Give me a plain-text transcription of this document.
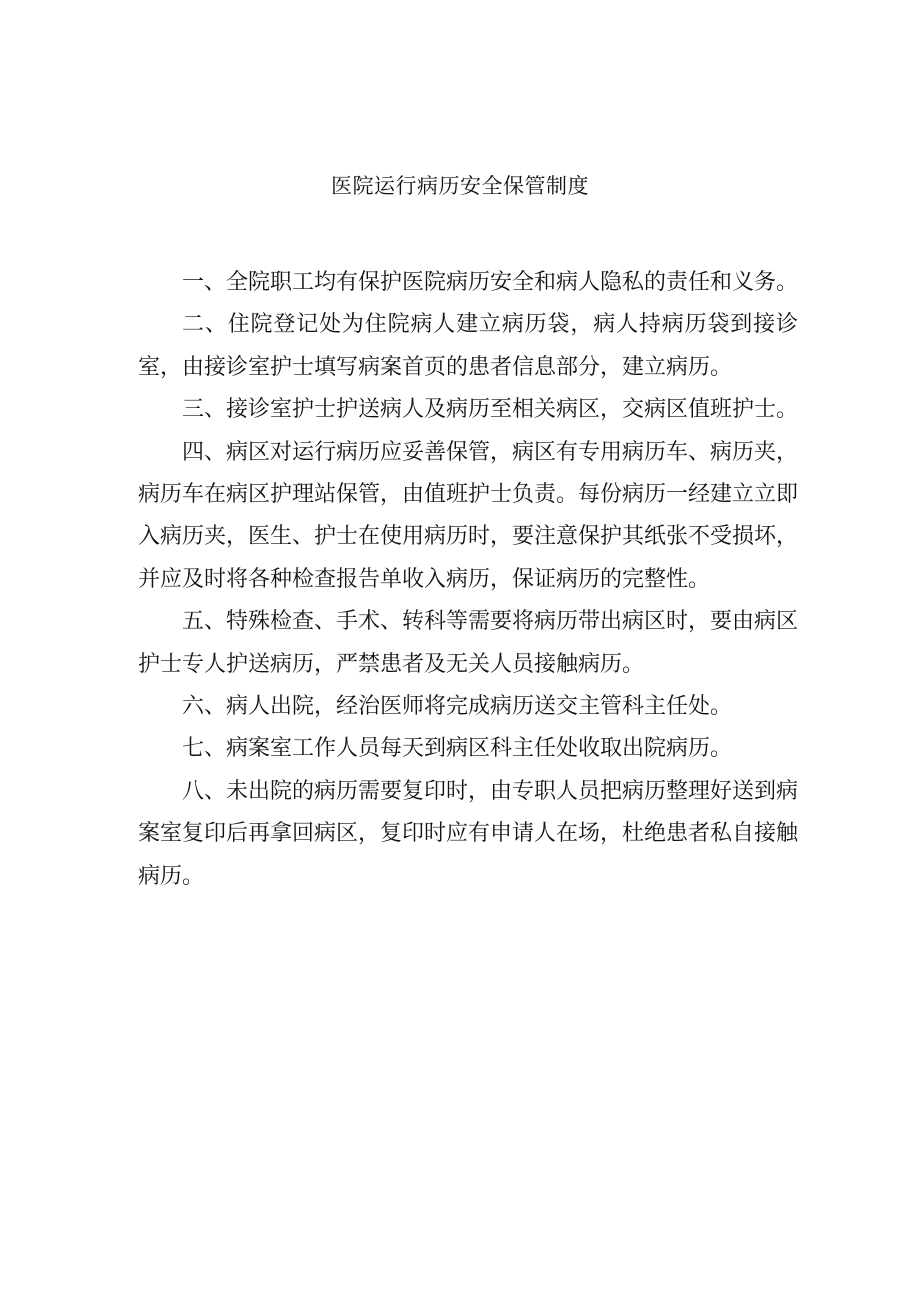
医院运行病历安全保管制度

一、全院职工均有保护医院病历安全和病人隐私的责任和义务。

二、住院登记处为住院病人建立病历袋，病人持病历袋到接诊室，由接诊室护士填写病案首页的患者信息部分，建立病历。

三、接诊室护士护送病人及病历至相关病区，交病区值班护士。

四、病区对运行病历应妥善保管，病区有专用病历车、病历夹，病历车在病区护理站保管，由值班护士负责。每份病历一经建立立即入病历夹，医生、护士在使用病历时，要注意保护其纸张不受损坏，并应及时将各种检查报告单收入病历，保证病历的完整性。

五、特殊检查、手术、转科等需要将病历带出病区时，要由病区护士专人护送病历，严禁患者及无关人员接触病历。

六、病人出院，经治医师将完成病历送交主管科主任处。

七、病案室工作人员每天到病区科主任处收取出院病历。

八、未出院的病历需要复印时，由专职人员把病历整理好送到病案室复印后再拿回病区，复印时应有申请人在场，杜绝患者私自接触病历。
